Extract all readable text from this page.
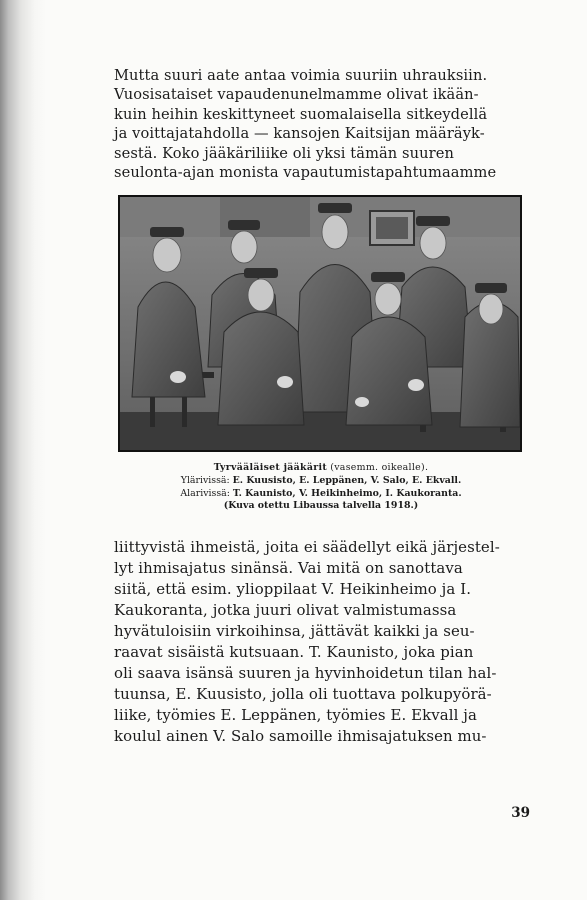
Mutta suuri aate antaa voimia suuriin uhrauksiin.

Vuosisataiset vapaudenunelmamme olivat ikään-

kuin heihin keskittyneet suomalaisella sitkeydellä

ja voittajatahdolla — kansojen Kaitsijan määräyk-

sestä. Koko jääkäriliike oli yksi tämän suuren

seulonta-ajan monista vapautumistapahtumaamme

Tyrvääläiset jääkärit (vasemm. oikealle).
Ylärivissä: E. Kuusisto, E. Leppänen, V. Salo, E. Ekvall.
Alarivissä: T. Kaunisto, V. Heikinheimo, I. Kaukoranta.
(Kuva otettu Libaussa talvella 1918.)

liittyvistä ihmeistä, joita ei säädellyt eikä järjestel-

lyt ihmisajatus sinänsä. Vai mitä on sanottava

siitä, että esim. ylioppilaat V. Heikinheimo ja I.

Kaukoranta, jotka juuri olivat valmistumassa

hyvätuloisiin virkoihinsa, jättävät kaikki ja seu-

raavat sisäistä kutsuaan. T. Kaunisto, joka pian

oli saava isänsä suuren ja hyvinhoidetun tilan hal-

tuunsa, E. Kuusisto, jolla oli tuottava polkupyörä-

liike, työmies E. Leppänen, työmies E. Ekvall ja

koulul ainen V. Salo samoille ihmisajatuksen mu-

39
